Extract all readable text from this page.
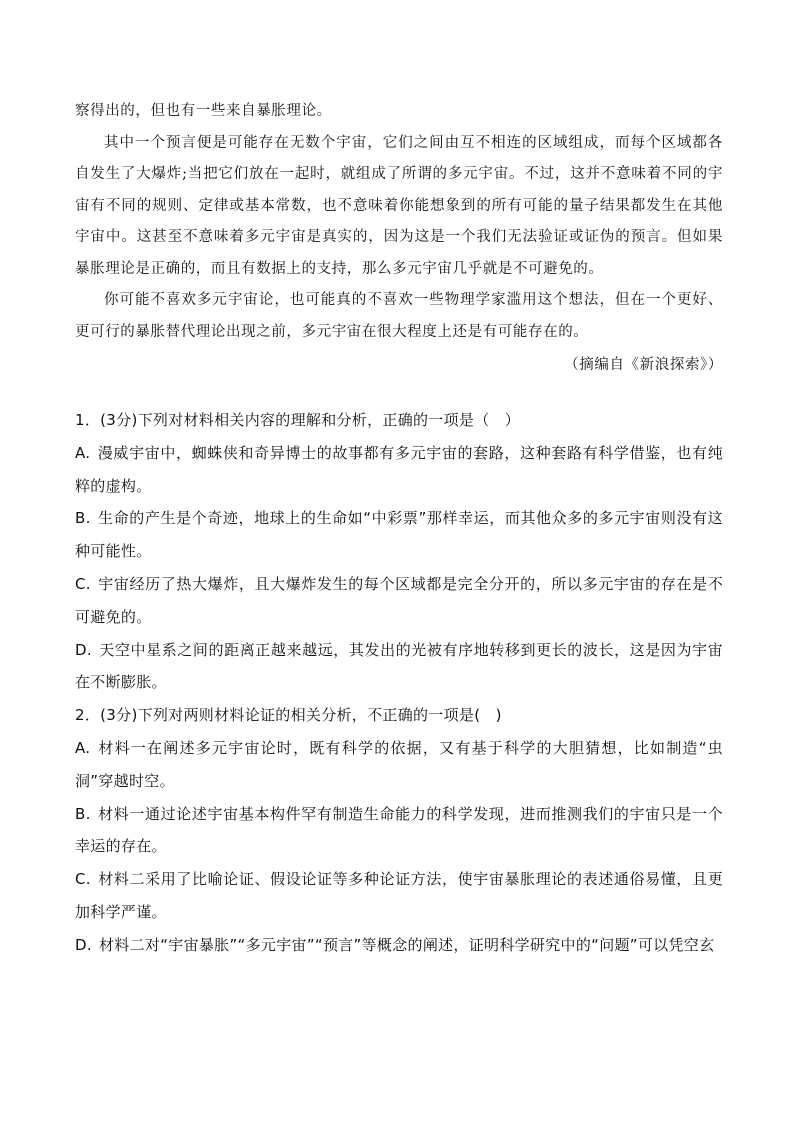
察得出的，但也有一些来自暴胀理论。

其中一个预言便是可能存在无数个宇宙，它们之间由互不相连的区域组成，而每个区域都各自发生了大爆炸;当把它们放在一起时，就组成了所谓的多元宇宙。不过，这并不意味着不同的宇宙有不同的规则、定律或基本常数，也不意味着你能想象到的所有可能的量子结果都发生在其他宇宙中。这甚至不意味着多元宇宙是真实的，因为这是一个我们无法验证或证伪的预言。但如果暴胀理论是正确的，而且有数据上的支持，那么多元宇宙几乎就是不可避免的。

你可能不喜欢多元宇宙论，也可能真的不喜欢一些物理学家滥用这个想法，但在一个更好、更可行的暴胀替代理论出现之前，多元宇宙在很大程度上还是有可能存在的。

（摘编自《新浪探索》）

1．(3分)下列对材料相关内容的理解和分析，正确的一项是（　）

A. 漫威宇宙中，蜘蛛侠和奇异博士的故事都有多元宇宙的套路，这种套路有科学借鉴，也有纯粹的虚构。

B. 生命的产生是个奇迹，地球上的生命如“中彩票”那样幸运，而其他众多的多元宇宙则没有这种可能性。

C. 宇宙经历了热大爆炸，且大爆炸发生的每个区域都是完全分开的，所以多元宇宙的存在是不可避免的。

D. 天空中星系之间的距离正越来越远，其发出的光被有序地转移到更长的波长，这是因为宇宙在不断膨胀。

2．(3分)下列对两则材料论证的相关分析，不正确的一项是(　)

A. 材料一在阐述多元宇宙论时，既有科学的依据，又有基于科学的大胆猜想，比如制造“虫洞”穿越时空。

B. 材料一通过论述宇宙基本构件罕有制造生命能力的科学发现，进而推测我们的宇宙只是一个幸运的存在。

C. 材料二采用了比喻论证、假设论证等多种论证方法，使宇宙暴胀理论的表述通俗易懂，且更加科学严谨。

D. 材料二对“宇宙暴胀”“多元宇宙”“预言”等概念的阐述，证明科学研究中的“问题”可以凭空玄
